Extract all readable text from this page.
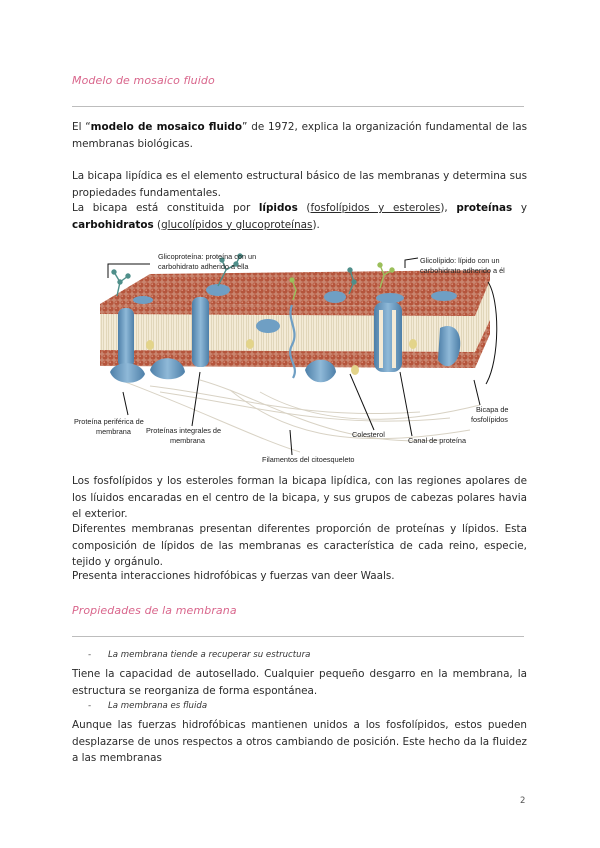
Modelo de mosaico fluido
El “modelo de mosaico fluido” de 1972, explica la organización fundamental de las membranas biológicas.
La bicapa lipídica es el elemento estructural básico de las membranas y determina sus propiedades fundamentales.
La bicapa está constituida por lípidos (fosfolípidos y esteroles), proteínas y carbohidratos (glucolípidos y glucoproteínas).
Glicoproteína: proteína con un
carbohidrato adherido a ella
Glicolípido: lípido con un
carbohidrato adherido a él
Proteína periférica de
membrana Proteínas integrales de
membrana
Colesterol
Canal de proteína
Bicapa de
fosfolípidos
Filamentos del citoesqueleto
Los fosfolípidos y los esteroles forman la bicapa lipídica, con las regiones apolares de los líuidos encaradas en el centro de la bicapa, y sus grupos de cabezas polares havia el exterior.
Diferentes membranas presentan diferentes proporción de proteínas y lípidos. Esta composición de lípidos de las membranas es característica de cada reino, especie, tejido y orgánulo.
Presenta interacciones hidrofóbicas y fuerzas van deer Waals.
Propiedades de la membrana
- La membrana tiende a recuperar su estructura
Tiene la capacidad de autosellado. Cualquier pequeño desgarro en la membrana, la estructura se reorganiza de forma espontánea.
- La membrana es fluida
Aunque las fuerzas hidrofóbicas mantienen unidos a los fosfolípidos, estos pueden desplazarse de unos respectos a otros cambiando de posición. Este hecho da la fluidez a las membranas
2
